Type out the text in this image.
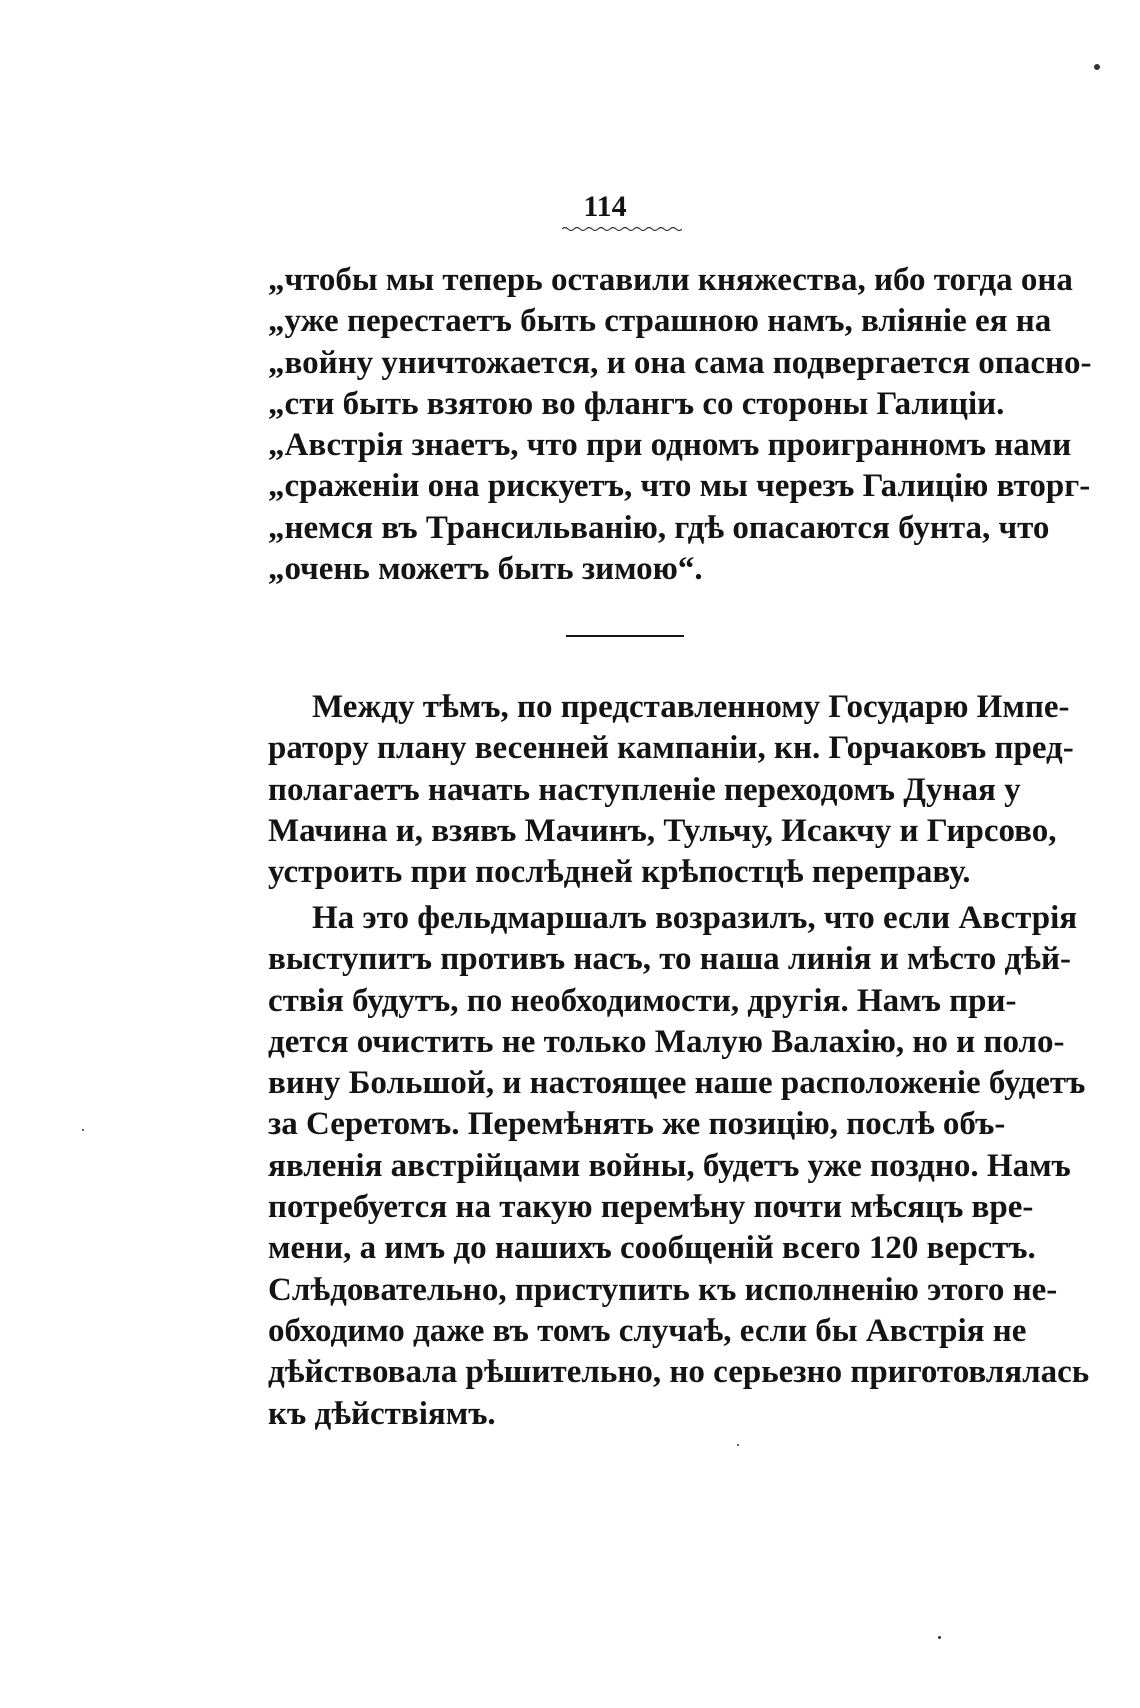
114
„чтобы мы теперь оставили княжества, ибо тогда она
„уже перестаетъ быть страшною намъ, вліяніе ея на
„войну уничтожается, и она сама подвергается опасно-
„сти быть взятою во флангъ со стороны Галиціи.
„Австрія знаетъ, что при одномъ проигранномъ нами
„сраженіи она рискуетъ, что мы черезъ Галицію вторг-
„немся въ Трансильванію, гдѣ опасаются бунта, что
„очень можетъ быть зимою“.
Между тѣмъ, по представленному Государю Импе-
ратору плану весенней кампаніи, кн. Горчаковъ пред-
полагаетъ начать наступленіе переходомъ Дуная у
Мачина и, взявъ Мачинъ, Тульчу, Исакчу и Гирсово,
устроить при послѣдней крѣпостцѣ переправу.
На это фельдмаршалъ возразилъ, что если Австрія
выступитъ противъ насъ, то наша линія и мѣсто дѣй-
ствія будутъ, по необходимости, другія. Намъ при-
дется очистить не только Малую Валахію, но и поло-
вину Большой, и настоящее наше расположеніе будетъ
за Серетомъ. Перемѣнять же позицію, послѣ объ-
явленія австрійцами войны, будетъ уже поздно. Намъ
потребуется на такую перемѣну почти мѣсяцъ вре-
мени, а имъ до нашихъ сообщеній всего 120 верстъ.
Слѣдовательно, приступить къ исполненію этого не-
обходимо даже въ томъ случаѣ, если бы Австрія не
дѣйствовала рѣшительно, но серьезно приготовлялась
къ дѣйствіямъ.
